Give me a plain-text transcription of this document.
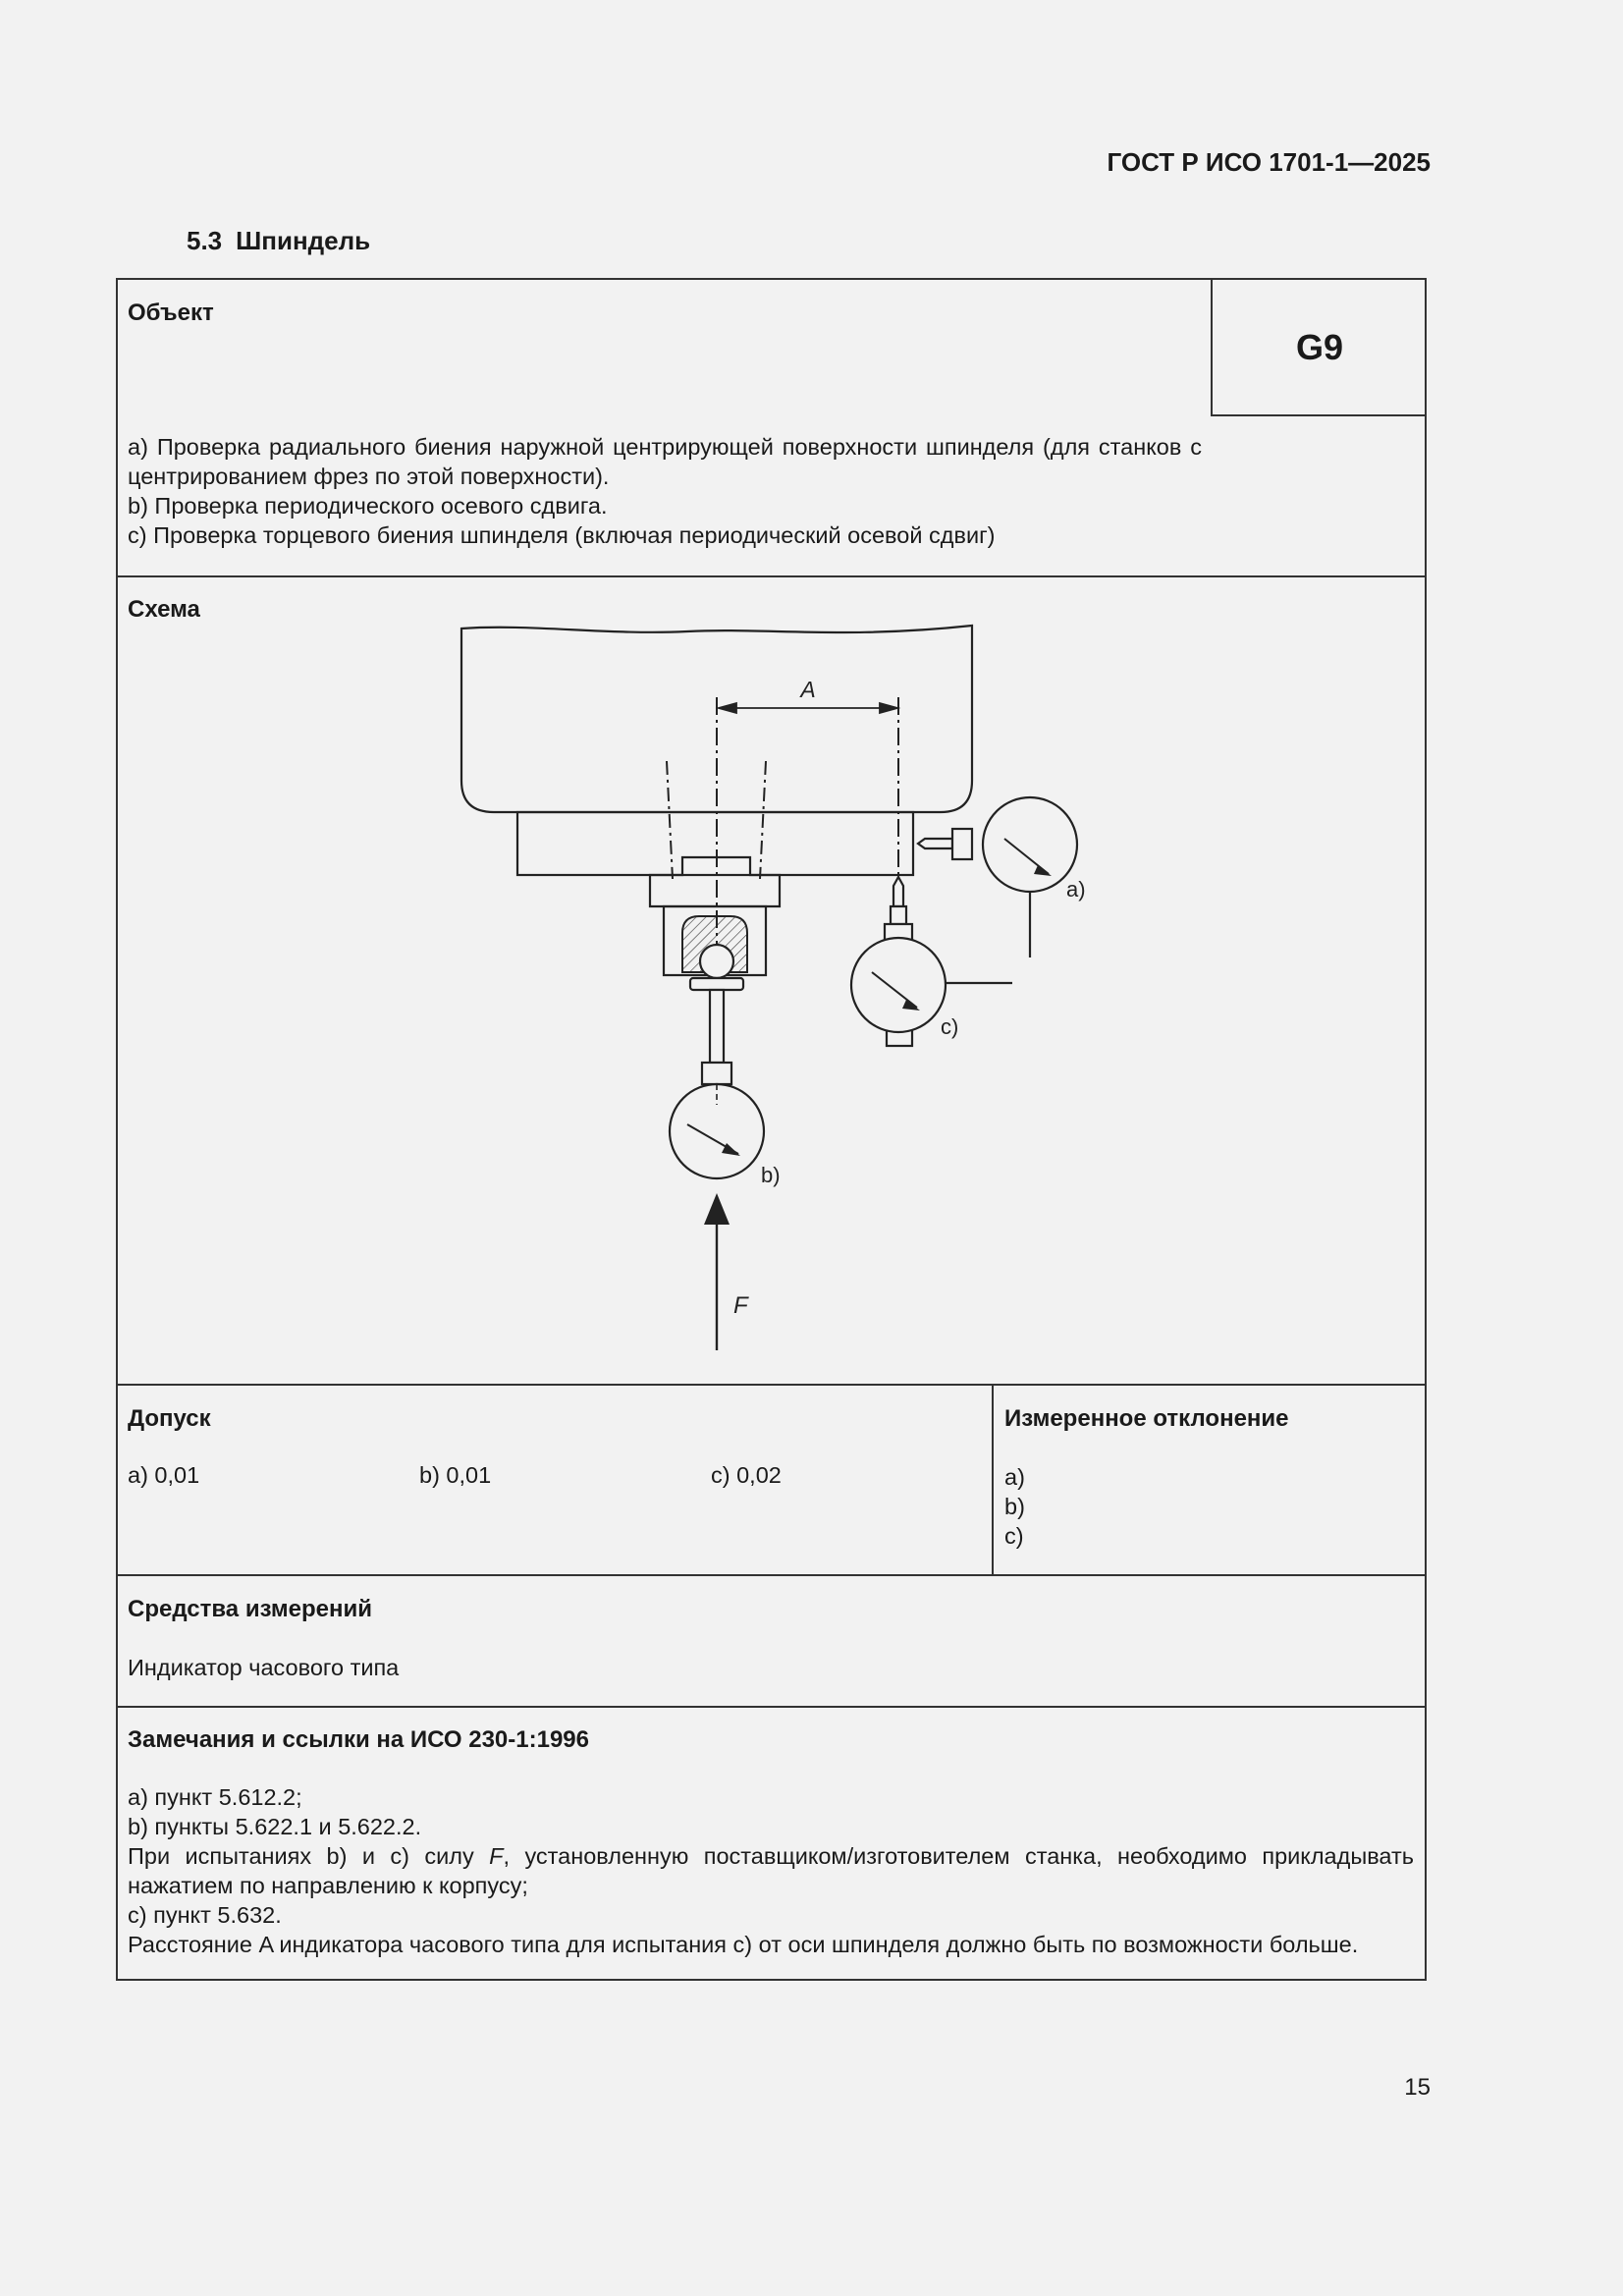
ГОСТ Р ИСО 1701-1—2025
5.3 Шпиндель
Объект
G9
a) Проверка радиального биения наружной центрирующей поверхности шпинделя (для станков с центрированием фрез по этой поверхности).
b) Проверка периодического осевого сдвига.
c) Проверка торцевого биения шпинделя (включая периодический осевой сдвиг)
Схема
A
b)
F
a)
c)
Допуск
a) 0,01	b) 0,01	c) 0,02
Измеренное отклонение
a)
b)
c)
Средства измерений
Индикатор часового типа
Замечания и ссылки на ИСО 230-1:1996
a) пункт 5.612.2;
b) пункты 5.622.1 и 5.622.2.
При испытаниях b) и c) силу F, установленную поставщиком/изготовителем станка, необходимо прикладывать нажатием по направлению к корпусу;
c) пункт 5.632.
Расстояние A индикатора часового типа для испытания c) от оси шпинделя должно быть по возможности больше.
15
